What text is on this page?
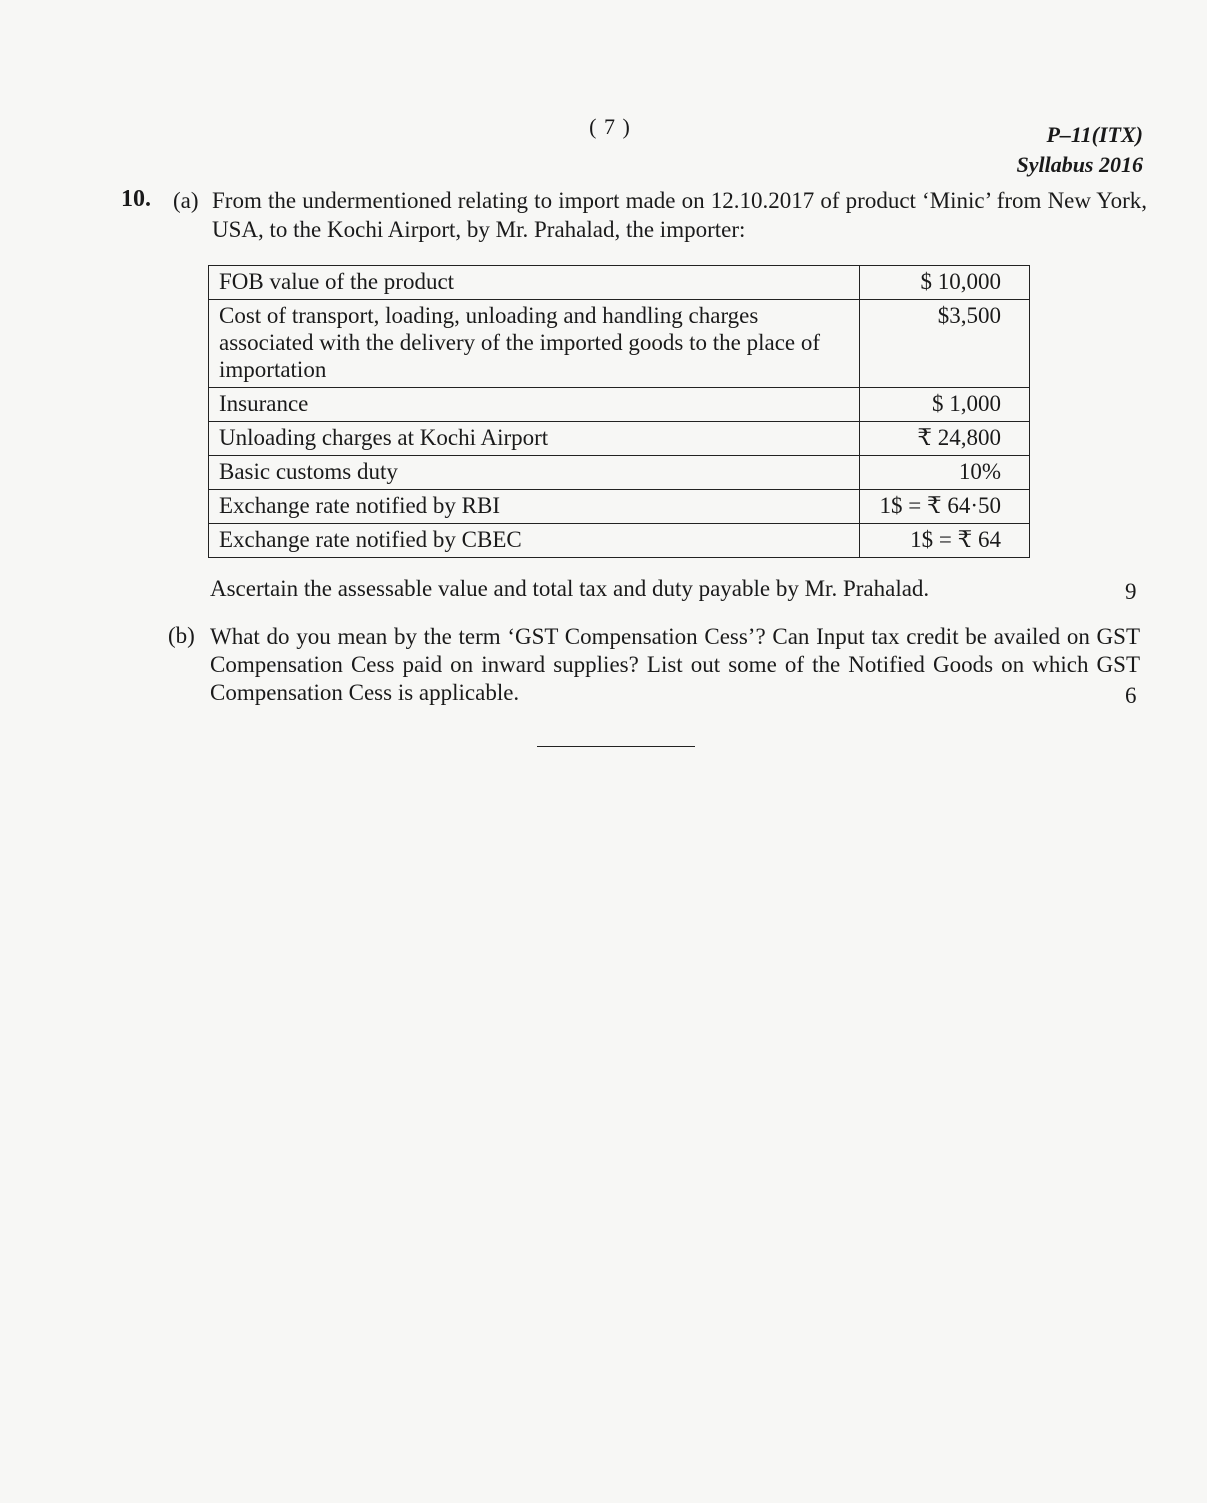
( 7 )	P–11(ITX)
Syllabus 2016
10. (a) From the undermentioned relating to import made on 12.10.2017 of product ‘Minic’ from New York, USA, to the Kochi Airport, by Mr. Prahalad, the importer:
FOB value of the product	$ 10,000
Cost of transport, loading, unloading and handling charges associated with the delivery of the imported goods to the place of importation	$3,500
Insurance	$ 1,000
Unloading charges at Kochi Airport	₹ 24,800
Basic customs duty	10%
Exchange rate notified by RBI	1$ = ₹ 64·50
Exchange rate notified by CBEC	1$ = ₹ 64
Ascertain the assessable value and total tax and duty payable by Mr. Prahalad.	9
(b) What do you mean by the term ‘GST Compensation Cess’? Can Input tax credit be availed on GST Compensation Cess paid on inward supplies? List out some of the Notified Goods on which GST Compensation Cess is applicable.	6
